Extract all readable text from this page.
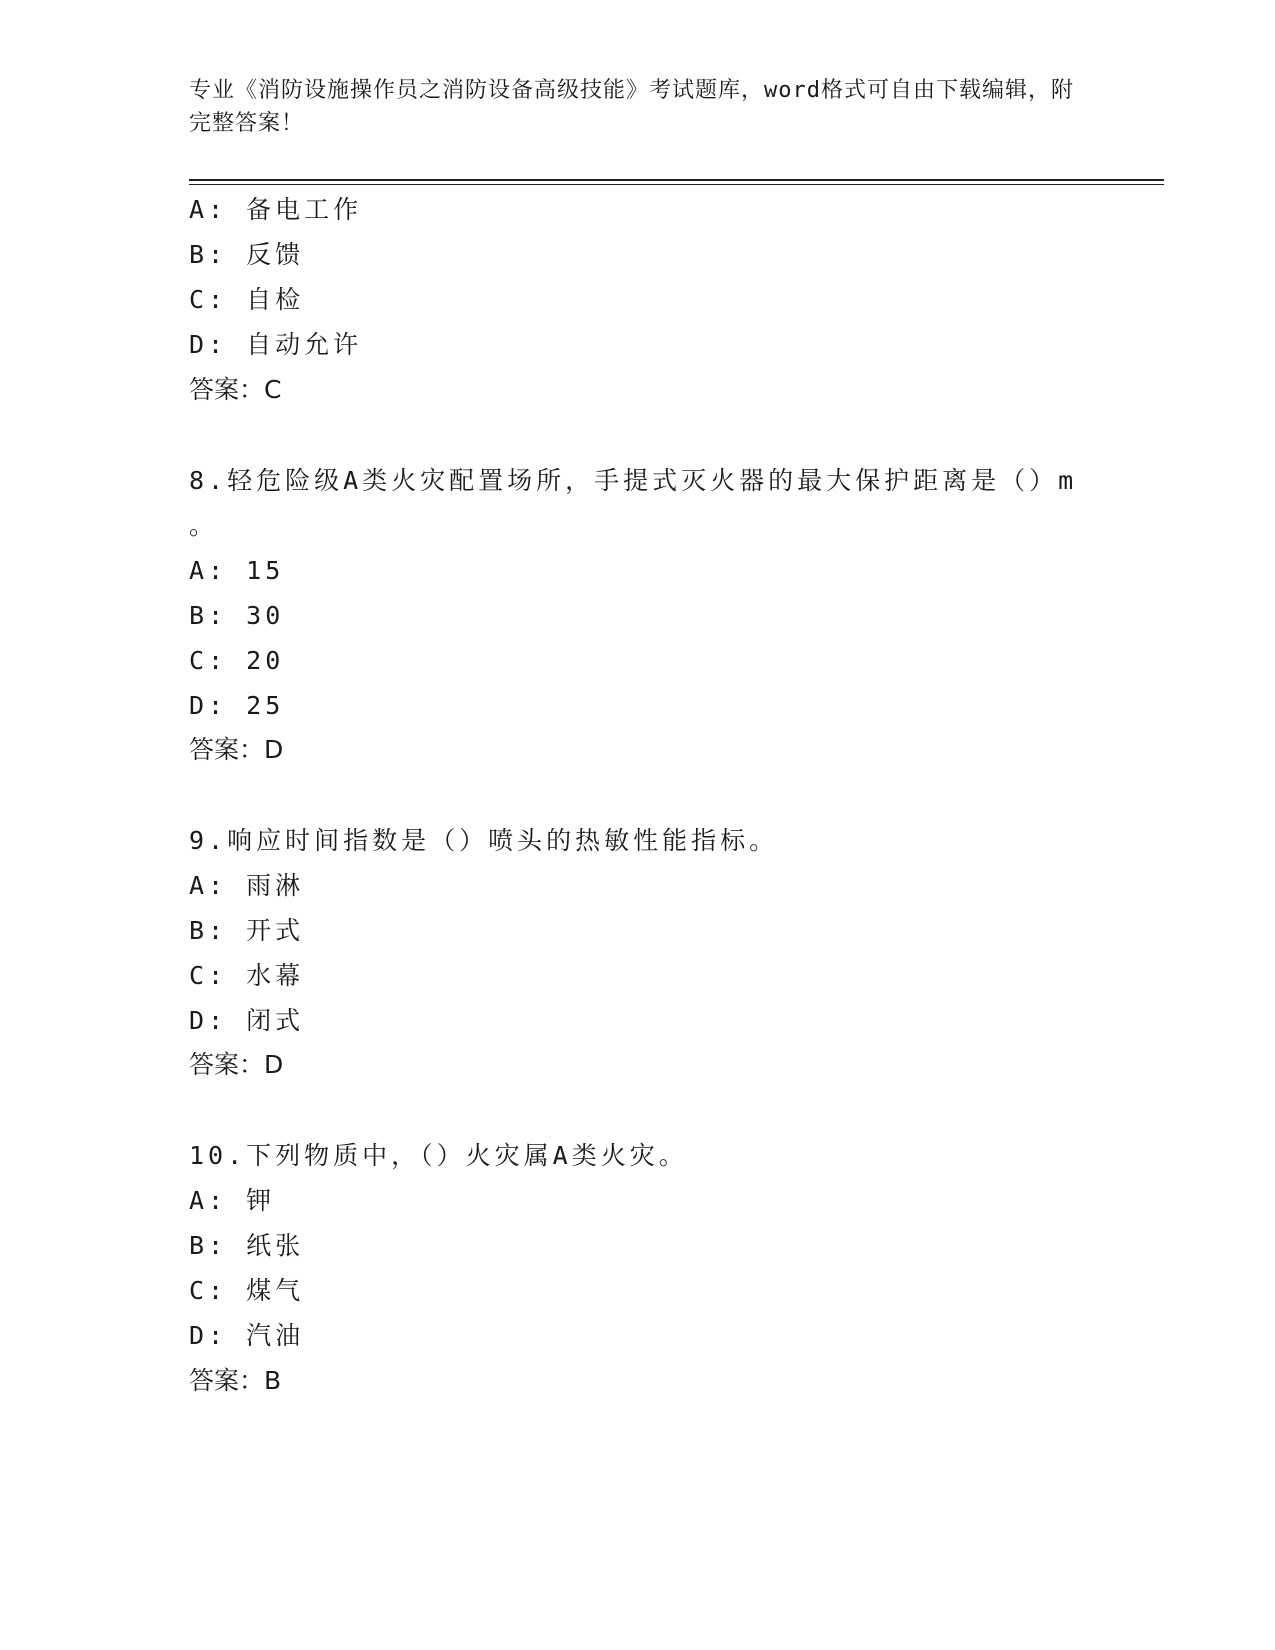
专业《消防设施操作员之消防设备高级技能》考试题库，word格式可自由下载编辑，附完整答案！
A: 备电工作
B: 反馈
C: 自检
D: 自动允许
答案：C
8.轻危险级A类火灾配置场所，手提式灭火器的最大保护距离是（）m
。
A: 15
B: 30
C: 20
D: 25
答案：D
9.响应时间指数是（）喷头的热敏性能指标。
A: 雨淋
B: 开式
C: 水幕
D: 闭式
答案：D
10.下列物质中，（）火灾属A类火灾。
A: 钾
B: 纸张
C: 煤气
D: 汽油
答案：B
